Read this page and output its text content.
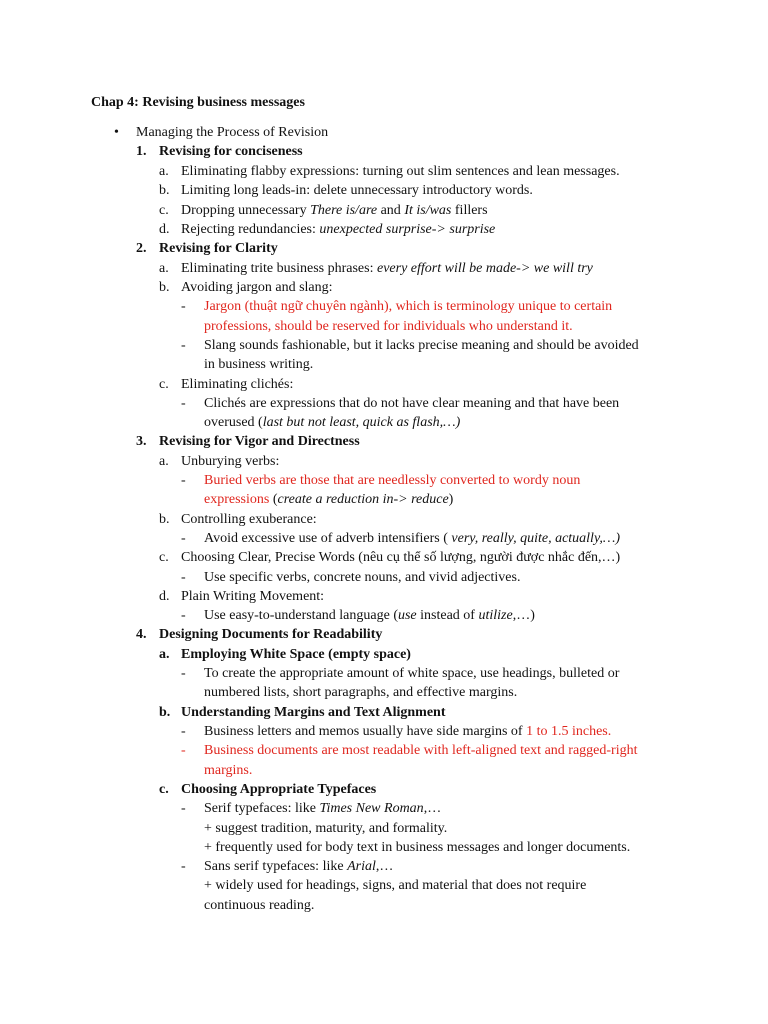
Chap 4: Revising business messages
• Managing the Process of Revision
1. Revising for conciseness
a. Eliminating flabby expressions: turning out slim sentences and lean messages.
b. Limiting long leads-in: delete unnecessary introductory words.
c. Dropping unnecessary There is/are and It is/was fillers
d. Rejecting redundancies: unexpected surprise-> surprise
2. Revising for Clarity
a. Eliminating trite business phrases: every effort will be made-> we will try
b. Avoiding jargon and slang:
- Jargon (thuật ngữ chuyên ngành), which is terminology unique to certain
professions, should be reserved for individuals who understand it.
- Slang sounds fashionable, but it lacks precise meaning and should be avoided
in business writing.
c. Eliminating clichés:
- Clichés are expressions that do not have clear meaning and that have been
overused (last but not least, quick as flash,…)
3. Revising for Vigor and Directness
a. Unburying verbs:
- Buried verbs are those that are needlessly converted to wordy noun
expressions (create a reduction in-> reduce)
b. Controlling exuberance:
- Avoid excessive use of adverb intensifiers ( very, really, quite, actually,…)
c. Choosing Clear, Precise Words (nêu cụ thể số lượng, người được nhắc đến,…)
- Use specific verbs, concrete nouns, and vivid adjectives.
d. Plain Writing Movement:
- Use easy-to-understand language (use instead of utilize,…)
4. Designing Documents for Readability
a. Employing White Space (empty space)
- To create the appropriate amount of white space, use headings, bulleted or
numbered lists, short paragraphs, and effective margins.
b. Understanding Margins and Text Alignment
- Business letters and memos usually have side margins of 1 to 1.5 inches.
- Business documents are most readable with left-aligned text and ragged-right
margins.
c. Choosing Appropriate Typefaces
- Serif typefaces: like Times New Roman,…
+ suggest tradition, maturity, and formality.
+ frequently used for body text in business messages and longer documents.
- Sans serif typefaces: like Arial,…
+ widely used for headings, signs, and material that does not require
continuous reading.
